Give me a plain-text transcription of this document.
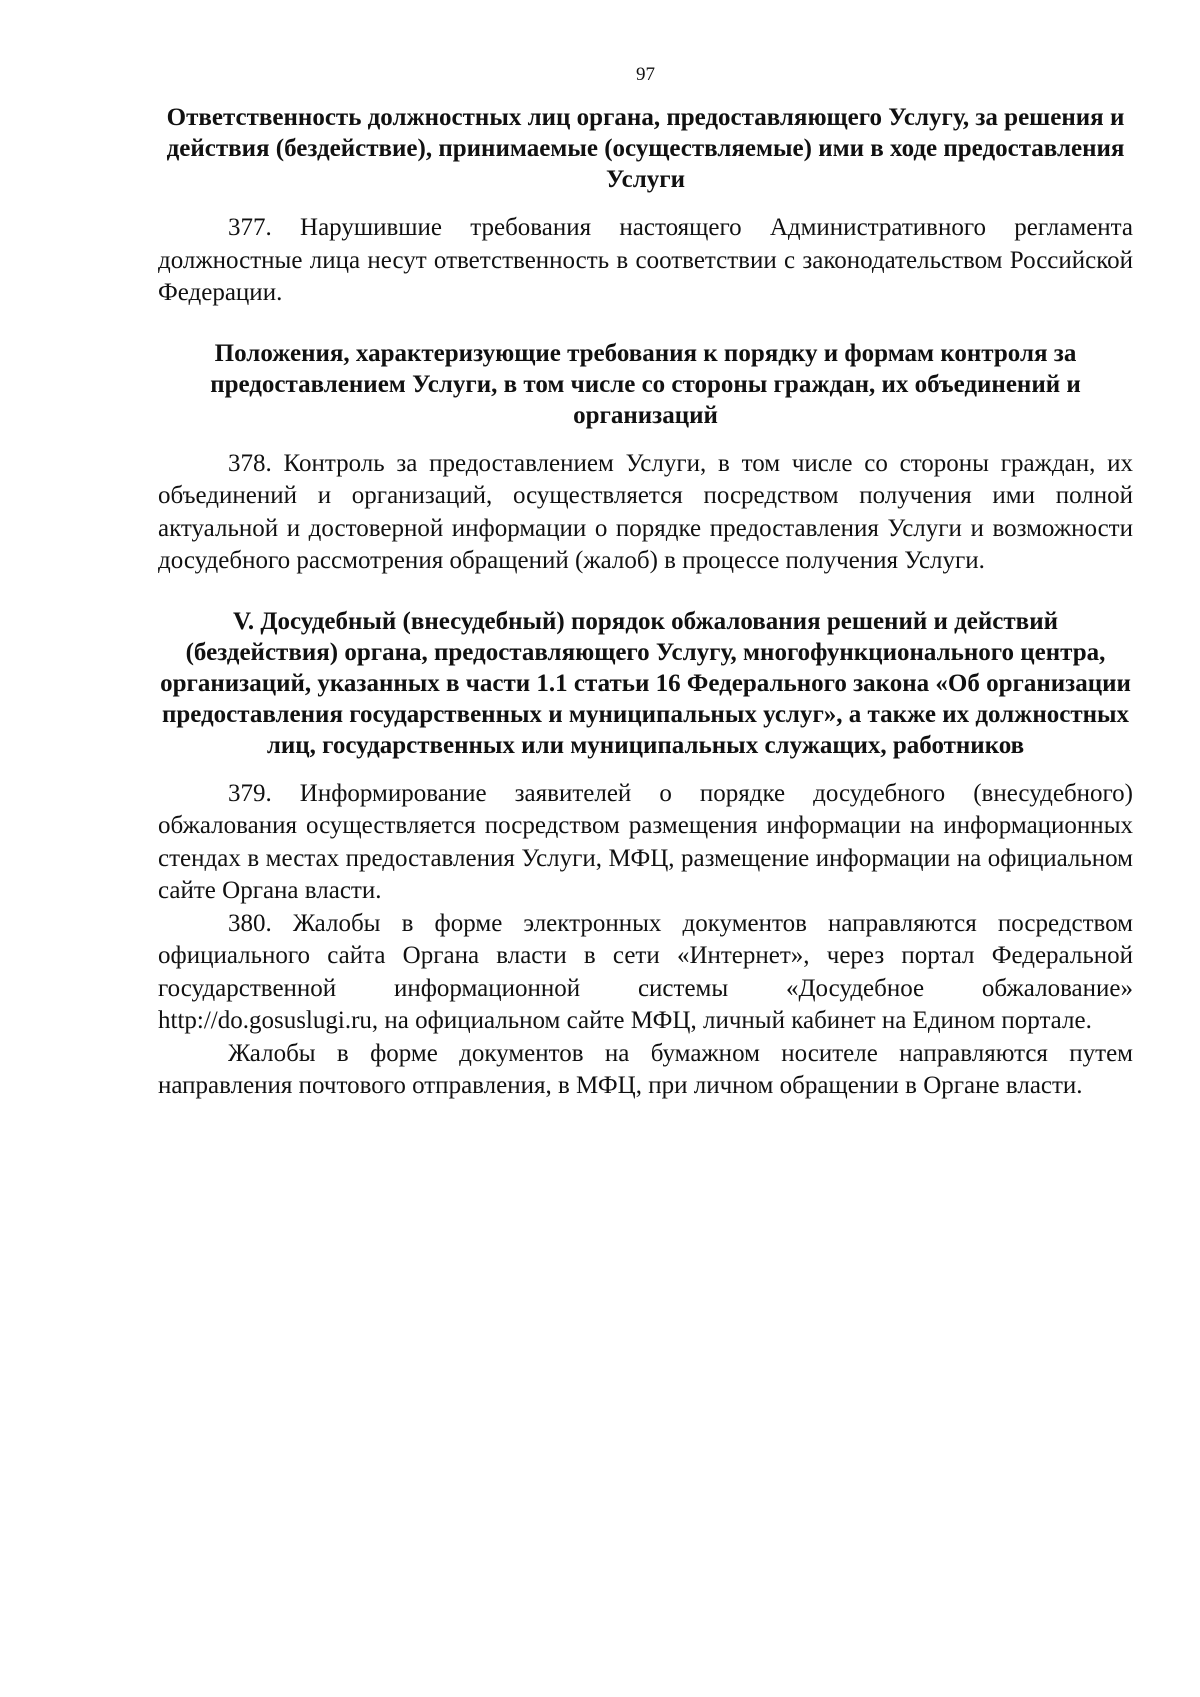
97
Ответственность должностных лиц органа, предоставляющего Услугу, за решения и действия (бездействие), принимаемые (осуществляемые) ими в ходе предоставления Услуги

377. Нарушившие требования настоящего Административного регламента должностные лица несут ответственность в соответствии с законодательством Российской Федерации.

Положения, характеризующие требования к порядку и формам контроля за предоставлением Услуги, в том числе со стороны граждан, их объединений и организаций

378. Контроль за предоставлением Услуги, в том числе со стороны граждан, их объединений и организаций, осуществляется посредством получения ими полной актуальной и достоверной информации о порядке предоставления Услуги и возможности досудебного рассмотрения обращений (жалоб) в процессе получения Услуги.

V. Досудебный (внесудебный) порядок обжалования решений и действий (бездействия) органа, предоставляющего Услугу, многофункционального центра, организаций, указанных в части 1.1 статьи 16 Федерального закона «Об организации предоставления государственных и муниципальных услуг», а также их должностных лиц, государственных или муниципальных служащих, работников

379. Информирование заявителей о порядке досудебного (внесудебного) обжалования осуществляется посредством размещения информации на информационных стендах в местах предоставления Услуги, МФЦ, размещение информации на официальном сайте Органа власти.

380. Жалобы в форме электронных документов направляются посредством официального сайта Органа власти в сети «Интернет», через портал Федеральной государственной информационной системы «Досудебное обжалование» http://do.gosuslugi.ru, на официальном сайте МФЦ, личный кабинет на Едином портале.

Жалобы в форме документов на бумажном носителе направляются путем направления почтового отправления, в МФЦ, при личном обращении в Органе власти.
